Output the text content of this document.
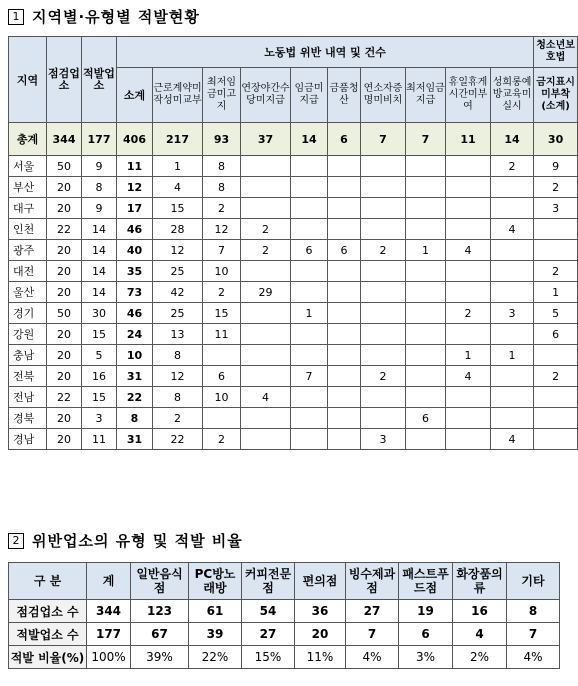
1 지역별·유형별 적발현황
지역	점검업소	적발업소	노동법 위반 내역 및 건수										청소년보호법
			소계	근로계약미작성미교부	최저임금미고지	연장야간수당미지급	임금미지급	금품청산	연소자증명미비치	최저임금지급	휴일휴게시간미부여	성희롱예방교육미실시	금지표시미부착(소계)
총계	344	177	406	217	93	37	14	6	7	7	11	14	30
서울	50	9	11	1	8							2	9
부산	20	8	12	4	8								2
대구	20	9	17	15	2								3
인천	22	14	46	28	12	2						4	
광주	20	14	40	12	7	2	6	6	2	1	4		
대전	20	14	35	25	10								2
울산	20	14	73	42	2	29							1
경기	50	30	46	25	15		1				2	3	5
강원	20	15	24	13	11								6
충남	20	5	10	8							1	1	
전북	20	16	31	12	6		7		2		4		2
전남	22	15	22	8	10	4							
경북	20	3	8	2						6			
경남	20	11	31	22	2				3			4	
2 위반업소의 유형 및 적발 비율
구 분	계	일반음식점	PC방노래방	커피전문점	편의점	빙수제과점	패스트푸드점	화장품의류	기타
점검업소 수	344	123	61	54	36	27	19	16	8
적발업소 수	177	67	39	27	20	7	6	4	7
적발 비율(%)	100%	39%	22%	15%	11%	4%	3%	2%	4%
